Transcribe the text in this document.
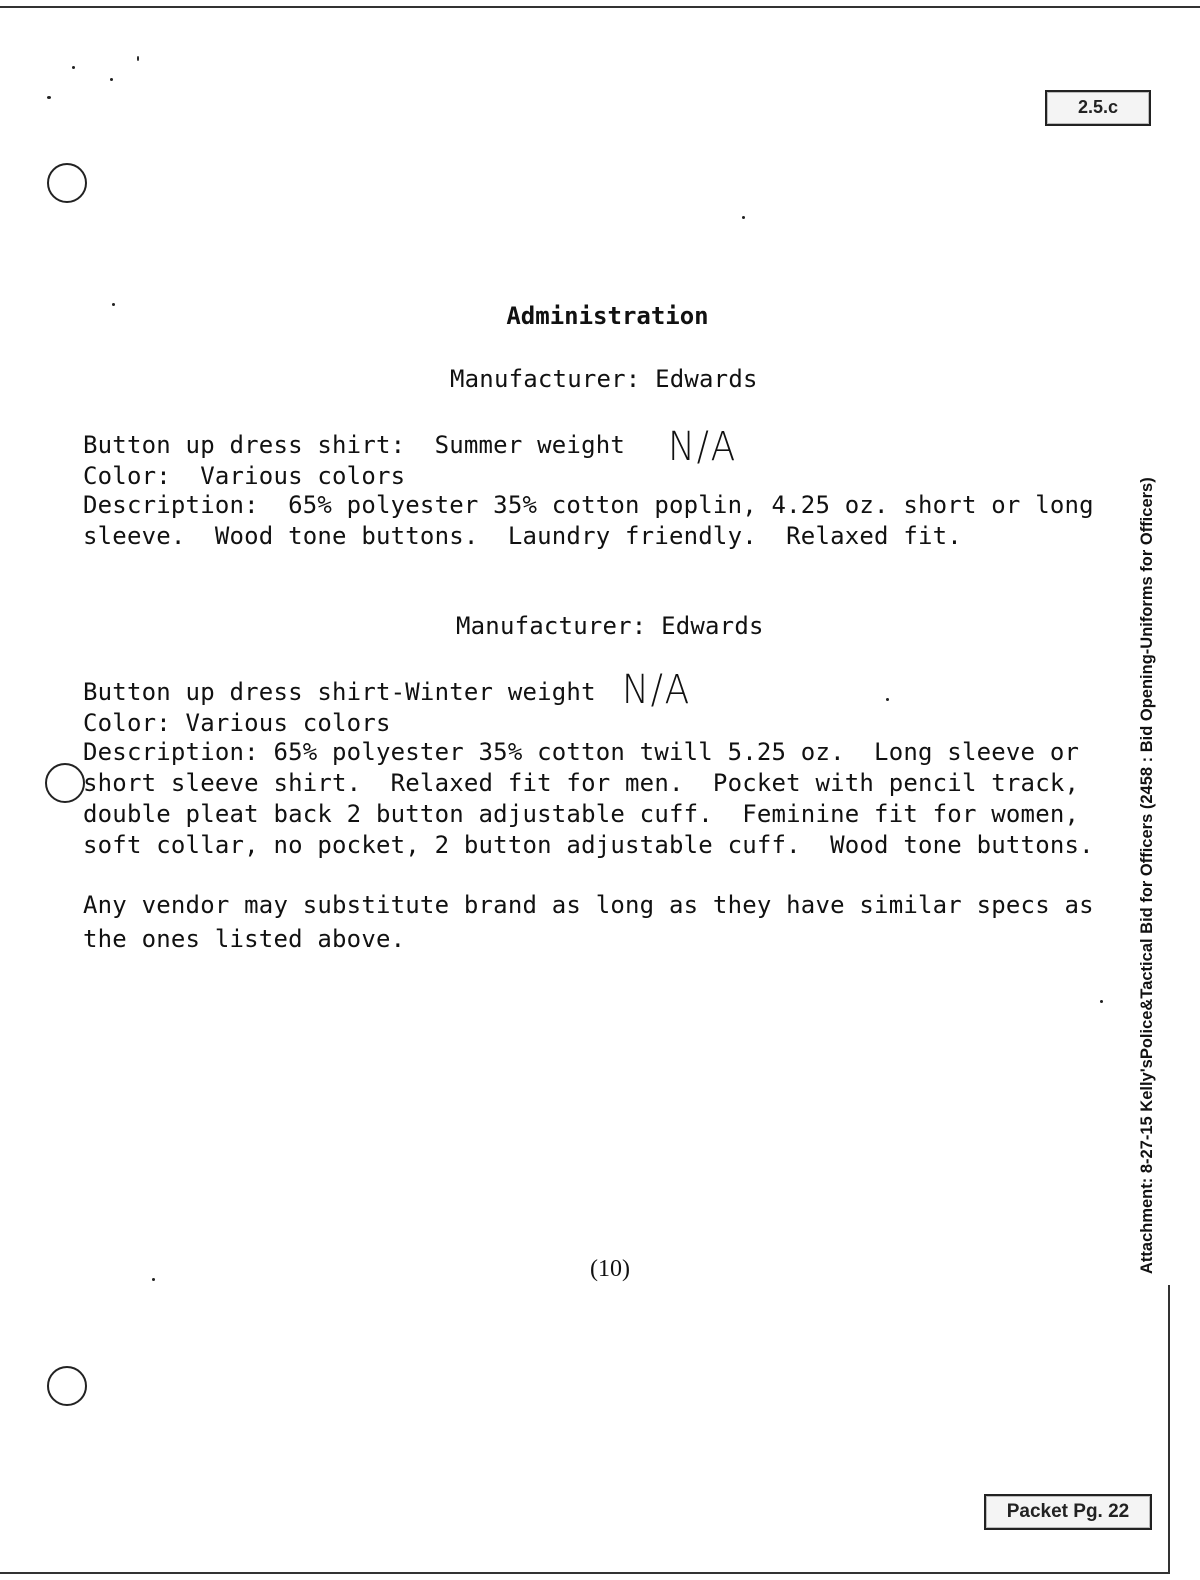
2.5.c
Administration
Manufacturer: Edwards
Button up dress shirt:  Summer weight N/A
Color:  Various colors
Description:  65% polyester 35% cotton poplin, 4.25 oz. short or long
sleeve.  Wood tone buttons.  Laundry friendly.  Relaxed fit.
Manufacturer: Edwards
Button up dress shirt-Winter weight N/A
Color: Various colors
Description: 65% polyester 35% cotton twill 5.25 oz.  Long sleeve or
short sleeve shirt.  Relaxed fit for men.  Pocket with pencil track,
double pleat back 2 button adjustable cuff.  Feminine fit for women,
soft collar, no pocket, 2 button adjustable cuff.  Wood tone buttons.
Any vendor may substitute brand as long as they have similar specs as
the ones listed above.
(10)	Attachment: 8-27-15 Kelly'sPolice&Tactical Bid for Officers (2458 : Bid Opening-Uniforms for Officers)
Packet Pg. 22
